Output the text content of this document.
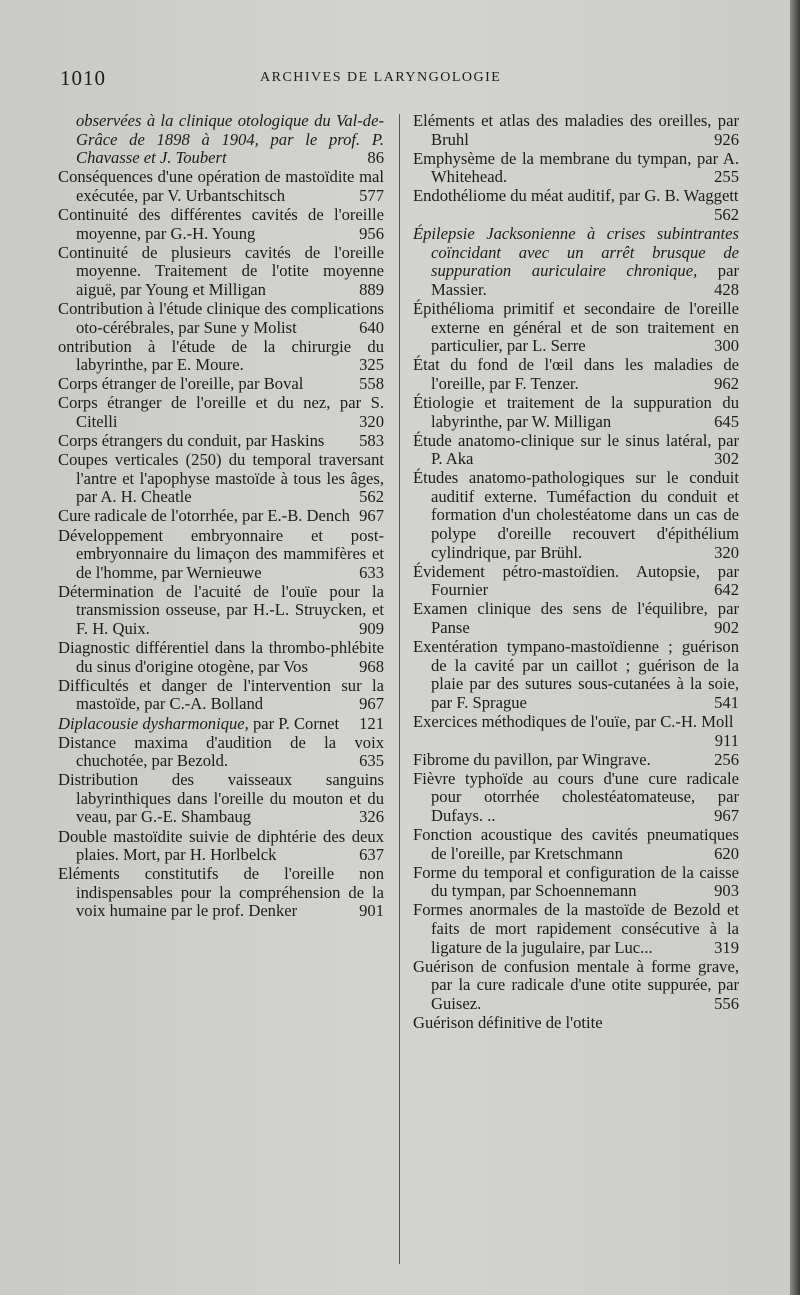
1010	ARCHIVES DE LARYNGOLOGIE

observées à la clinique otologique du Val-de-Grâce de 1898 à 1904, par le prof. P. Chavasse et J. Toubert	86

Conséquences d'une opération de mastoïdite mal exécutée, par V. Urbantschitsch	577

Continuité des différentes cavités de l'oreille moyenne, par G.-H. Young	956

Continuité de plusieurs cavités de l'oreille moyenne. Traitement de l'otite moyenne aiguë, par Young et Milligan	889

Contribution à l'étude clinique des complications oto-cérébrales, par Sune y Molist	640

ontribution à l'étude de la chirurgie du labyrinthe, par E. Moure.	325

Corps étranger de l'oreille, par Boval	558

Corps étranger de l'oreille et du nez, par S. Citelli	320

Corps étrangers du conduit, par Haskins 583

Coupes verticales (250) du temporal traversant l'antre et l'apophyse mastoïde à tous les âges, par A. H. Cheatle	562

Cure radicale de l'otorrhée, par E.-B. Dench 967

Développement embryonnaire et post-embryonnaire du limaçon des mammifères et de l'homme, par Wernieuwe	633

Détermination de l'acuité de l'ouïe pour la transmission osseuse, par H.-L. Struycken, et F. H. Quix.	909

Diagnostic différentiel dans la thrombo-phlébite du sinus d'origine otogène, par Vos	968

Difficultés et danger de l'intervention sur la mastoïde, par C.-A. Bolland	967

Diplacousie dysharmonique, par P. Cornet 121

Distance maxima d'audition de la voix chuchotée, par Bezold.	635

Distribution des vaisseaux sanguins labyrinthiques dans l'oreille du mouton et du veau, par G.-E. Shambaug	326

Double mastoïdite suivie de diphtérie des deux plaies. Mort, par H. Horlbelck	637

Eléments constitutifs de l'oreille non indispensables pour la compréhension de la voix humaine par le prof. Denker	901

Eléments et atlas des maladies des oreilles, par Bruhl	926

Emphysème de la membrane du tympan, par A. Whitehead.	255

Endothéliome du méat auditif, par G. B. Waggett
562

Épilepsie Jacksonienne à crises subintrantes coïncidant avec un arrêt brusque de suppuration auriculaire chronique, par Massier.	428

Épithélioma primitif et secondaire de l'oreille externe en général et de son traitement en particulier, par L. Serre	300

État du fond de l'œil dans les maladies de l'oreille, par F. Tenzer.	962

Étiologie et traitement de la suppuration du labyrinthe, par W. Milligan	645

Étude anatomo-clinique sur le sinus latéral, par P. Aka	302

Études anatomo-pathologiques sur le conduit auditif externe. Tuméfaction du conduit et formation d'un cholestéatome dans un cas de polype d'oreille recouvert d'épithélium cylindrique, par Brühl.	320

Évidement pétro-mastoïdien. Autopsie, par Fournier	642

Examen clinique des sens de l'équilibre, par Panse	902

Exentération tympano-mastoïdienne ; guérison de la cavité par un caillot ; guérison de la plaie par des sutures sous-cutanées à la soie, par F. Sprague	541

Exercices méthodiques de l'ouïe, par C.-H. Moll
911

Fibrome du pavillon, par Wingrave.	256

Fièvre typhoïde au cours d'une cure radicale pour otorrhée cholestéatomateuse, par Dufays. ..	967

Fonction acoustique des cavités pneumatiques de l'oreille, par Kretschmann	620

Forme du temporal et configuration de la caisse du tympan, par Schoennemann	903

Formes anormales de la mastoïde de Bezold et faits de mort rapidement consécutive à la ligature de la jugulaire, par Luc...	319

Guérison de confusion mentale à forme grave, par la cure radicale d'une otite suppurée, par Guisez.	556

Guérison définitive de l'otite
